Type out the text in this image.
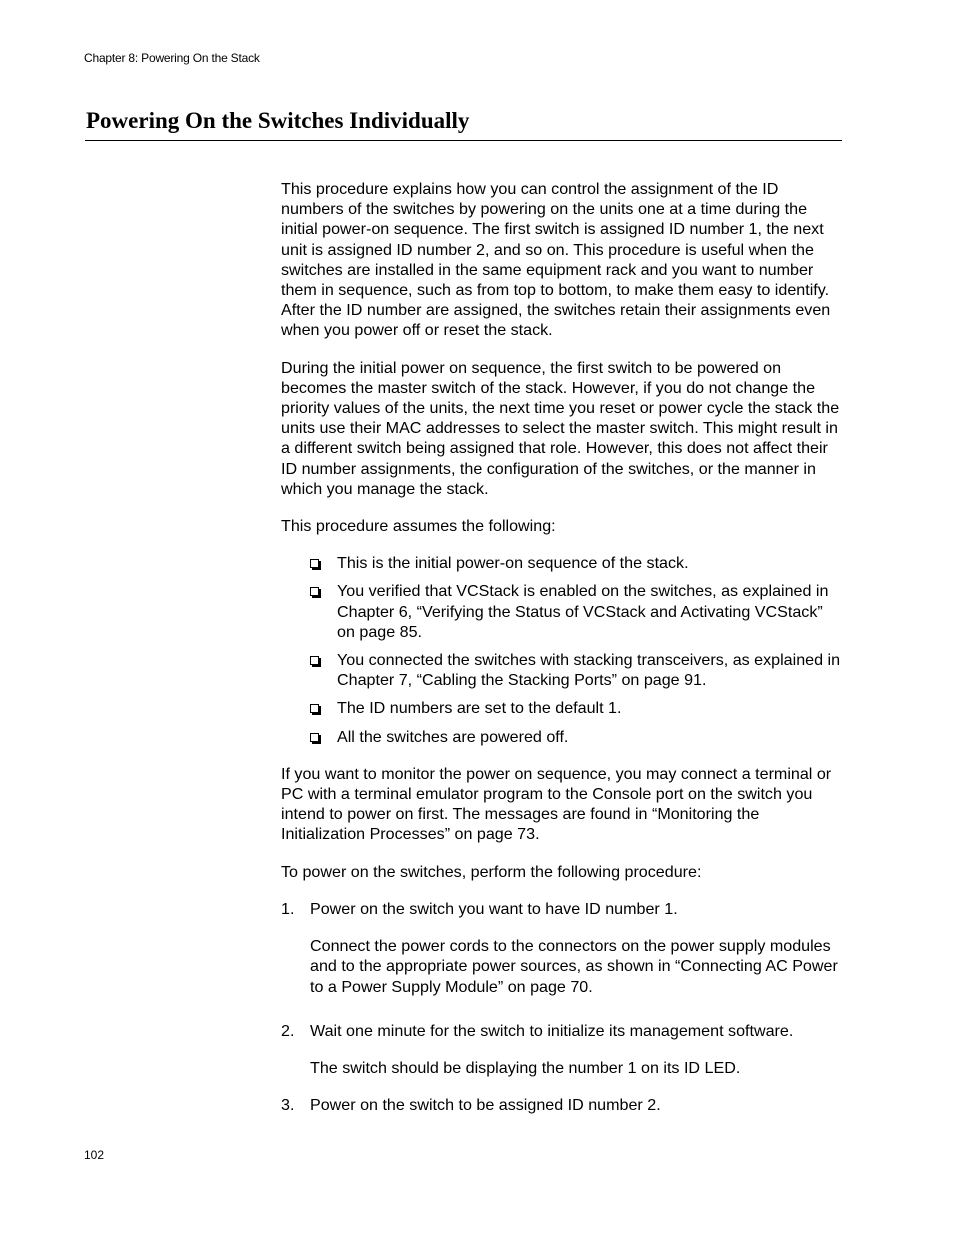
Chapter 8: Powering On the Stack
Powering On the Switches Individually

This procedure explains how you can control the assignment of the ID numbers of the switches by powering on the units one at a time during the initial power-on sequence. The first switch is assigned ID number 1, the next unit is assigned ID number 2, and so on. This procedure is useful when the switches are installed in the same equipment rack and you want to number them in sequence, such as from top to bottom, to make them easy to identify. After the ID number are assigned, the switches retain their assignments even when you power off or reset the stack.

During the initial power on sequence, the first switch to be powered on becomes the master switch of the stack. However, if you do not change the priority values of the units, the next time you reset or power cycle the stack the units use their MAC addresses to select the master switch. This might result in a different switch being assigned that role. However, this does not affect their ID number assignments, the configuration of the switches, or the manner in which you manage the stack.

This procedure assumes the following:

This is the initial power-on sequence of the stack.
You verified that VCStack is enabled on the switches, as explained in Chapter 6, “Verifying the Status of VCStack and Activating VCStack” on page 85.
You connected the switches with stacking transceivers, as explained in Chapter 7, “Cabling the Stacking Ports” on page 91.
The ID numbers are set to the default 1.
All the switches are powered off.

If you want to monitor the power on sequence, you may connect a terminal or PC with a terminal emulator program to the Console port on the switch you intend to power on first. The messages are found in “Monitoring the Initialization Processes” on page 73.

To power on the switches, perform the following procedure:

1. Power on the switch you want to have ID number 1.

Connect the power cords to the connectors on the power supply modules and to the appropriate power sources, as shown in “Connecting AC Power to a Power Supply Module” on page 70.

2. Wait one minute for the switch to initialize its management software.

The switch should be displaying the number 1 on its ID LED.

3. Power on the switch to be assigned ID number 2.
102
